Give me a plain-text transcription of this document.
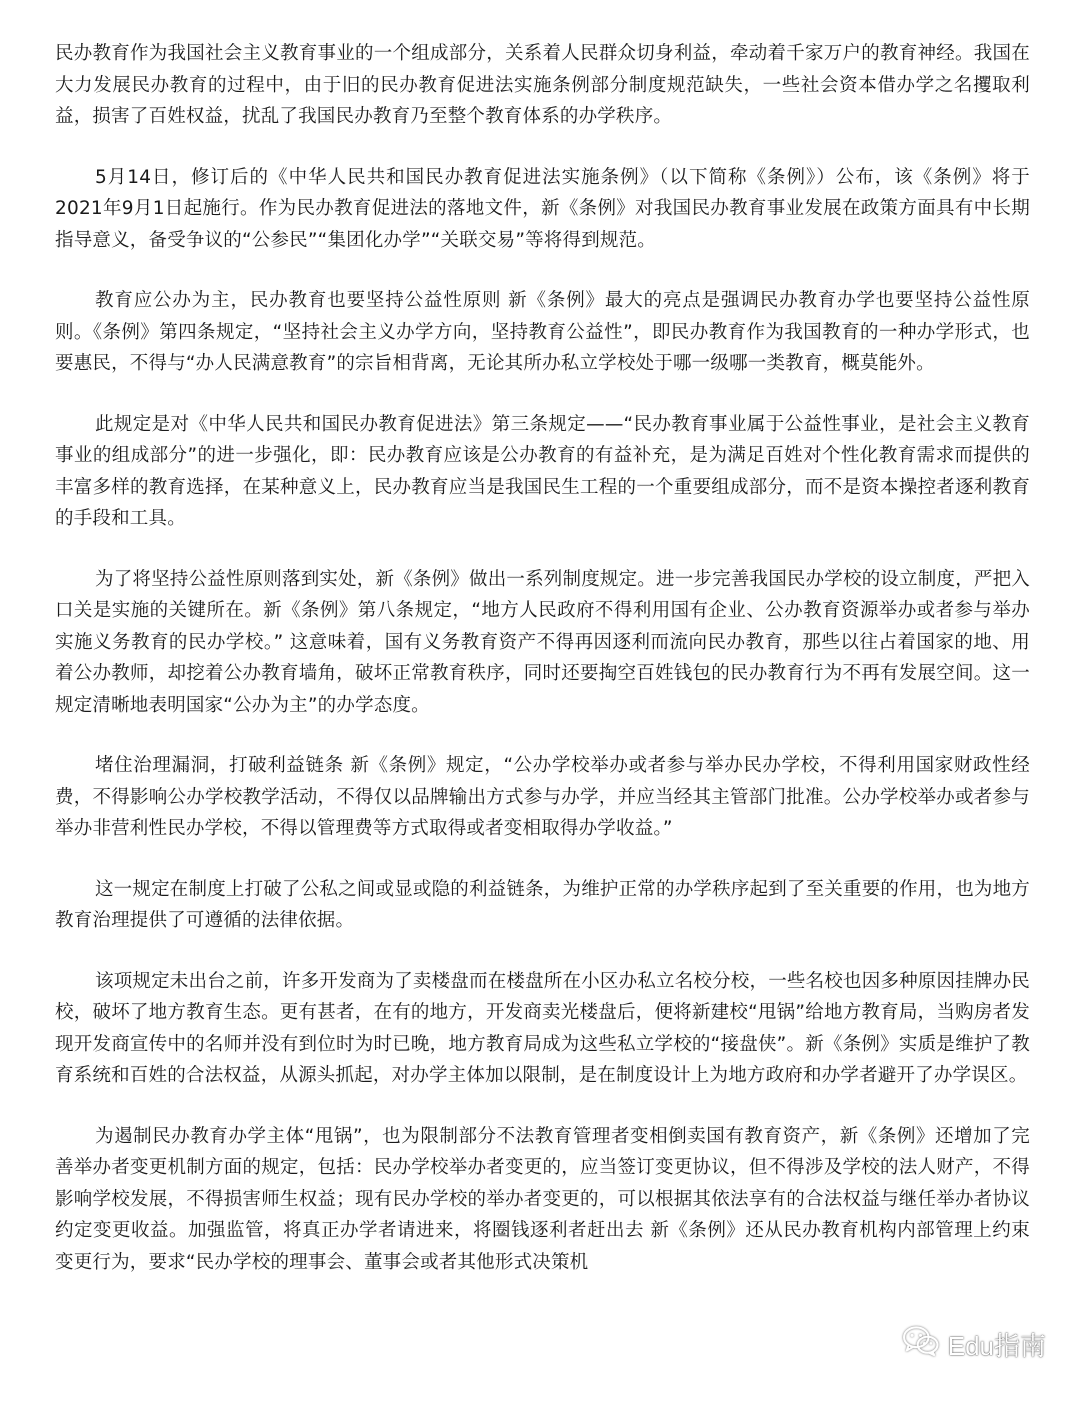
民办教育作为我国社会主义教育事业的一个组成部分，关系着人民群众切身利益，牵动着千家万户的教育神经。我国在大力发展民办教育的过程中，由于旧的民办教育促进法实施条例部分制度规范缺失，一些社会资本借办学之名攫取利益，损害了百姓权益，扰乱了我国民办教育乃至整个教育体系的办学秩序。

5月14日，修订后的《中华人民共和国民办教育促进法实施条例》（以下简称《条例》）公布，该《条例》将于2021年9月1日起施行。作为民办教育促进法的落地文件，新《条例》对我国民办教育事业发展在政策方面具有中长期指导意义，备受争议的“公参民”“集团化办学”“关联交易”等将得到规范。

教育应公办为主，民办教育也要坚持公益性原则 新《条例》最大的亮点是强调民办教育办学也要坚持公益性原则。《条例》第四条规定，“坚持社会主义办学方向，坚持教育公益性”，即民办教育作为我国教育的一种办学形式，也要惠民，不得与“办人民满意教育”的宗旨相背离，无论其所办私立学校处于哪一级哪一类教育，概莫能外。

此规定是对《中华人民共和国民办教育促进法》第三条规定——“民办教育事业属于公益性事业，是社会主义教育事业的组成部分”的进一步强化，即：民办教育应该是公办教育的有益补充，是为满足百姓对个性化教育需求而提供的丰富多样的教育选择，在某种意义上，民办教育应当是我国民生工程的一个重要组成部分，而不是资本操控者逐利教育的手段和工具。

为了将坚持公益性原则落到实处，新《条例》做出一系列制度规定。进一步完善我国民办学校的设立制度，严把入口关是实施的关键所在。新《条例》第八条规定，“地方人民政府不得利用国有企业、公办教育资源举办或者参与举办实施义务教育的民办学校。” 这意味着，国有义务教育资产不得再因逐利而流向民办教育，那些以往占着国家的地、用着公办教师，却挖着公办教育墙角，破坏正常教育秩序，同时还要掏空百姓钱包的民办教育行为不再有发展空间。这一规定清晰地表明国家“公办为主”的办学态度。

堵住治理漏洞，打破利益链条 新《条例》规定，“公办学校举办或者参与举办民办学校，不得利用国家财政性经费，不得影响公办学校教学活动，不得仅以品牌输出方式参与办学，并应当经其主管部门批准。公办学校举办或者参与举办非营利性民办学校，不得以管理费等方式取得或者变相取得办学收益。”

这一规定在制度上打破了公私之间或显或隐的利益链条，为维护正常的办学秩序起到了至关重要的作用，也为地方教育治理提供了可遵循的法律依据。

该项规定未出台之前，许多开发商为了卖楼盘而在楼盘所在小区办私立名校分校，一些名校也因多种原因挂牌办民校，破坏了地方教育生态。更有甚者，在有的地方，开发商卖光楼盘后，便将新建校“甩锅”给地方教育局，当购房者发现开发商宣传中的名师并没有到位时为时已晚，地方教育局成为这些私立学校的“接盘侠”。新《条例》实质是维护了教育系统和百姓的合法权益，从源头抓起，对办学主体加以限制，是在制度设计上为地方政府和办学者避开了办学误区。

为遏制民办教育办学主体“甩锅”，也为限制部分不法教育管理者变相倒卖国有教育资产，新《条例》还增加了完善举办者变更机制方面的规定，包括：民办学校举办者变更的，应当签订变更协议，但不得涉及学校的法人财产，不得影响学校发展，不得损害师生权益；现有民办学校的举办者变更的，可以根据其依法享有的合法权益与继任举办者协议约定变更收益。加强监管，将真正办学者请进来，将圈钱逐利者赶出去 新《条例》还从民办教育机构内部管理上约束变更行为，要求“民办学校的理事会、董事会或者其他形式决策机

Edu指南
